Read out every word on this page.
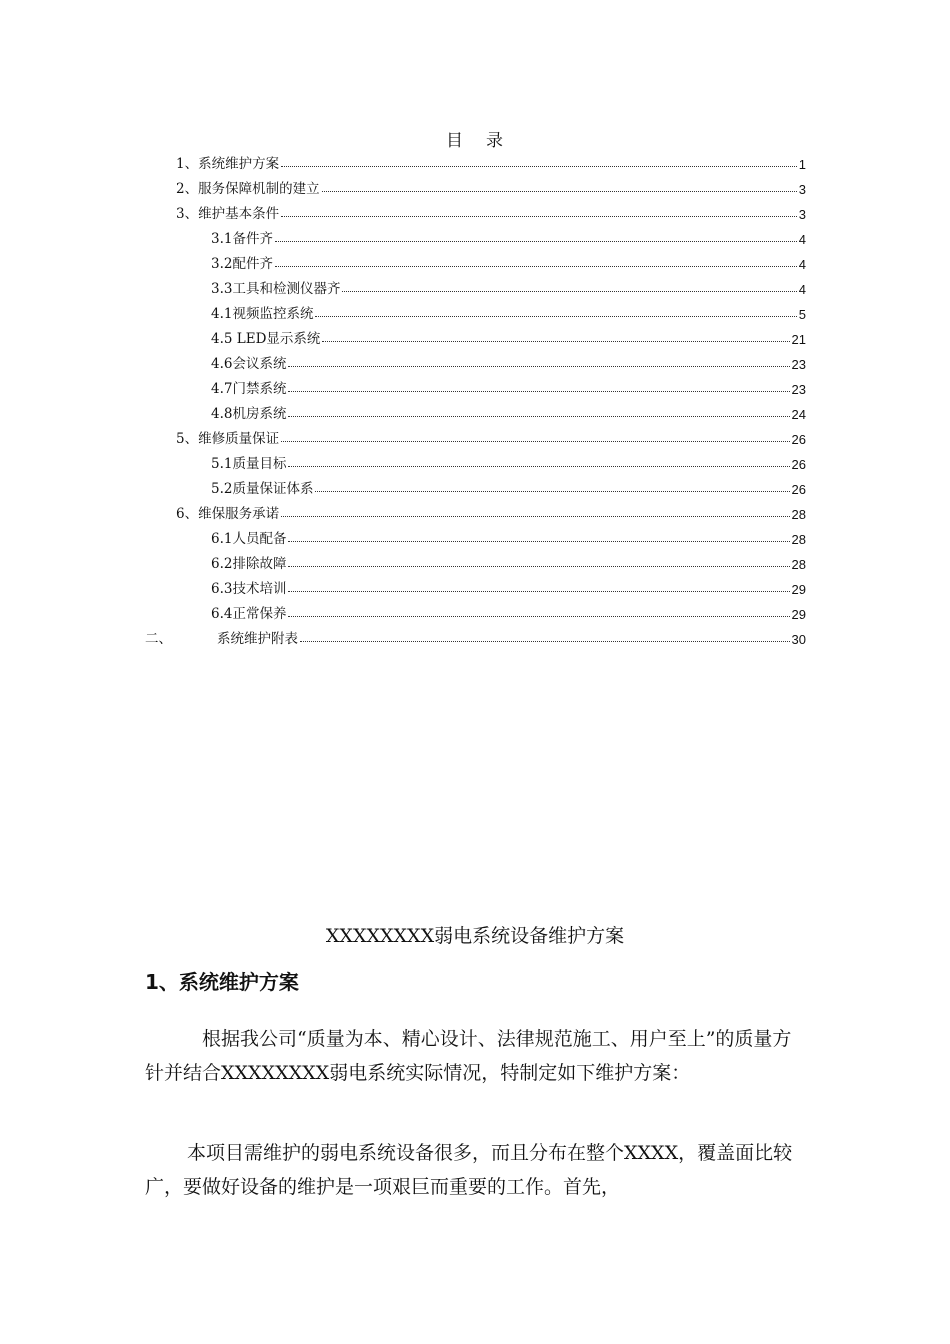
目 录
1、系统维护方案	1
2、服务保障机制的建立	3
3、维护基本条件	3
3.1备件齐	4
3.2配件齐	4
3.3工具和检测仪器齐	4
4.1视频监控系统	5
4.5 LED显示系统	21
4.6会议系统	23
4.7门禁系统	23
4.8机房系统	24
5、维修质量保证	26
5.1质量目标	26
5.2质量保证体系	26
6、维保服务承诺	28
6.1人员配备	28
6.2排除故障	28
6.3技术培训	29
6.4正常保养	29
二、	系统维护附表	30
XXXXXXXX弱电系统设备维护方案
1、系统维护方案
根据我公司“质量为本、精心设计、法律规范施工、用户至上”的质量方针并结合XXXXXXXX弱电系统实际情况，特制定如下维护方案：
本项目需维护的弱电系统设备很多，而且分布在整个XXXX，覆盖面比较广，要做好设备的维护是一项艰巨而重要的工作。首先，
